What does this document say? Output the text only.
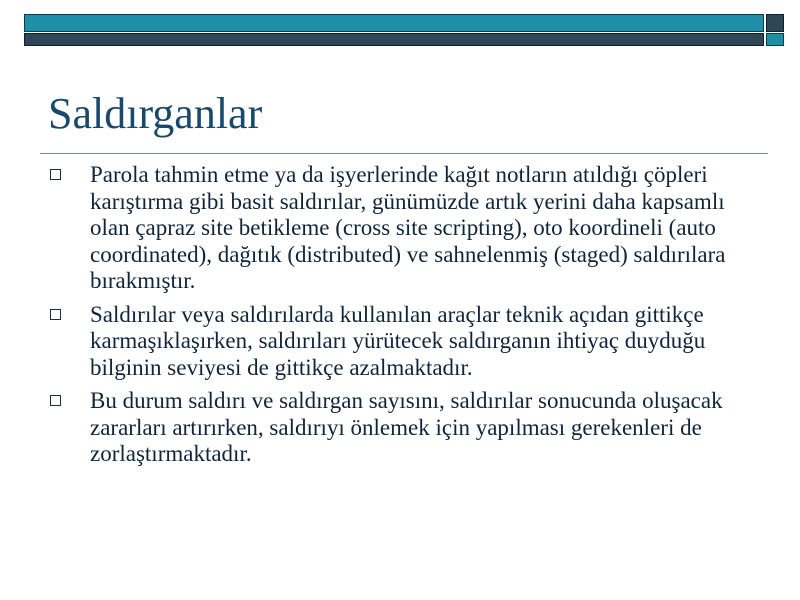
Saldırganlar
Parola tahmin etme ya da işyerlerinde kağıt notların atıldığı çöpleri karıştırma gibi basit saldırılar, günümüzde artık yerini daha kapsamlı olan çapraz site betikleme (cross site scripting), oto koordineli (auto coordinated), dağıtık (distributed) ve sahnelenmiş (staged) saldırılara bırakmıştır.
Saldırılar veya saldırılarda kullanılan araçlar teknik açıdan gittikçe karmaşıklaşırken, saldırıları yürütecek saldırganın ihtiyaç duyduğu bilginin seviyesi de gittikçe azalmaktadır.
Bu durum saldırı ve saldırgan sayısını, saldırılar sonucunda oluşacak zararları artırırken, saldırıyı önlemek için yapılması gerekenleri de zorlaştırmaktadır.
